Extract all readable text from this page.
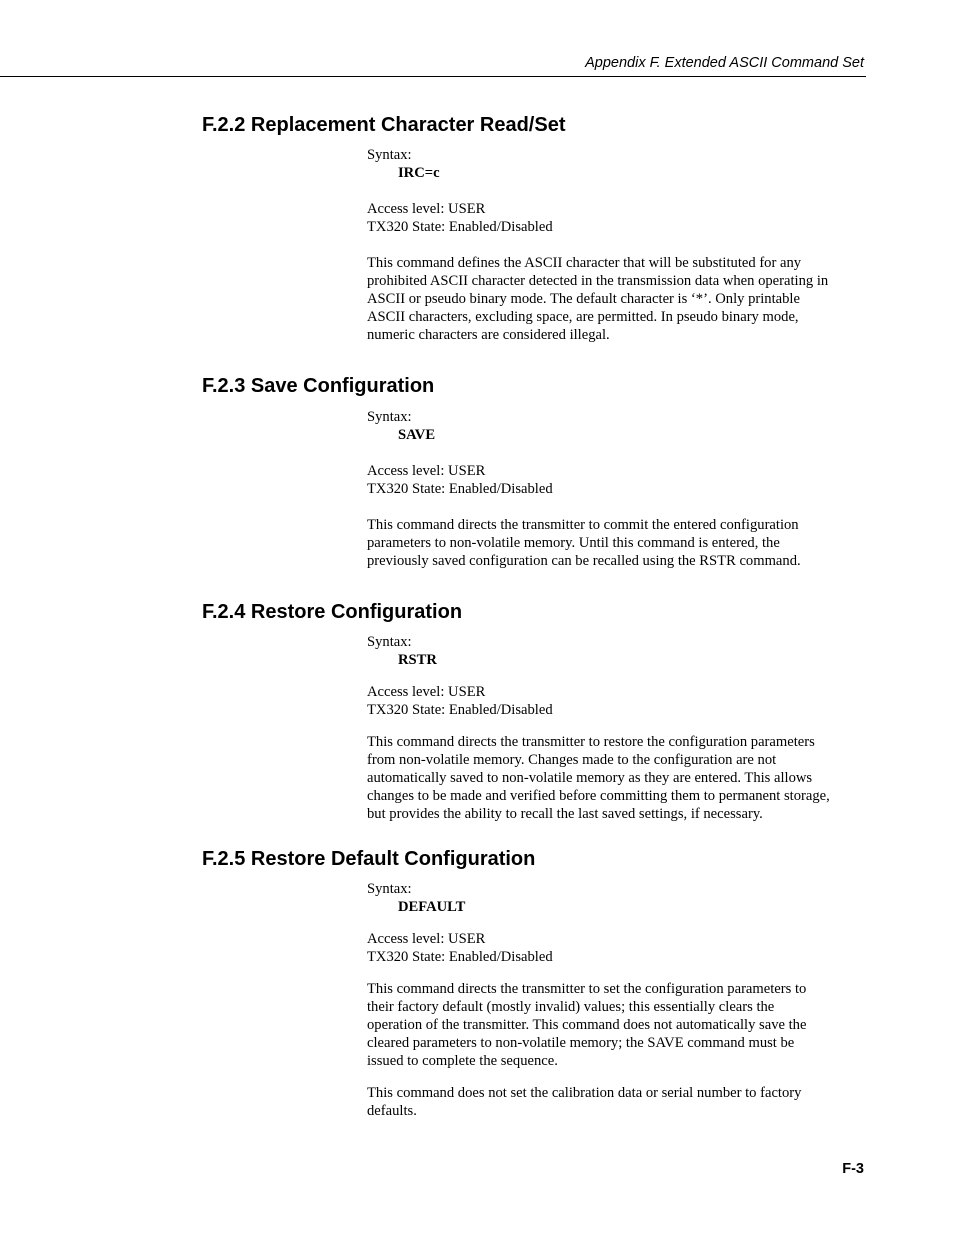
Appendix F. Extended ASCII Command Set
F.2.2 Replacement Character Read/Set
Syntax:
IRC=c
Access level: USER
TX320 State: Enabled/Disabled
This command defines the ASCII character that will be substituted for any
prohibited ASCII character detected in the transmission data when operating in
ASCII or pseudo binary mode. The default character is ‘*’. Only printable
ASCII characters, excluding space, are permitted. In pseudo binary mode,
numeric characters are considered illegal.
F.2.3 Save Configuration
Syntax:
SAVE
Access level: USER
TX320 State: Enabled/Disabled
This command directs the transmitter to commit the entered configuration
parameters to non-volatile memory. Until this command is entered, the
previously saved configuration can be recalled using the RSTR command.
F.2.4 Restore Configuration
Syntax:
RSTR
Access level: USER
TX320 State: Enabled/Disabled
This command directs the transmitter to restore the configuration parameters
from non-volatile memory. Changes made to the configuration are not
automatically saved to non-volatile memory as they are entered. This allows
changes to be made and verified before committing them to permanent storage,
but provides the ability to recall the last saved settings, if necessary.
F.2.5 Restore Default Configuration
Syntax:
DEFAULT
Access level: USER
TX320 State: Enabled/Disabled
This command directs the transmitter to set the configuration parameters to
their factory default (mostly invalid) values; this essentially clears the
operation of the transmitter. This command does not automatically save the
cleared parameters to non-volatile memory; the SAVE command must be
issued to complete the sequence.
This command does not set the calibration data or serial number to factory
defaults.
F-3
